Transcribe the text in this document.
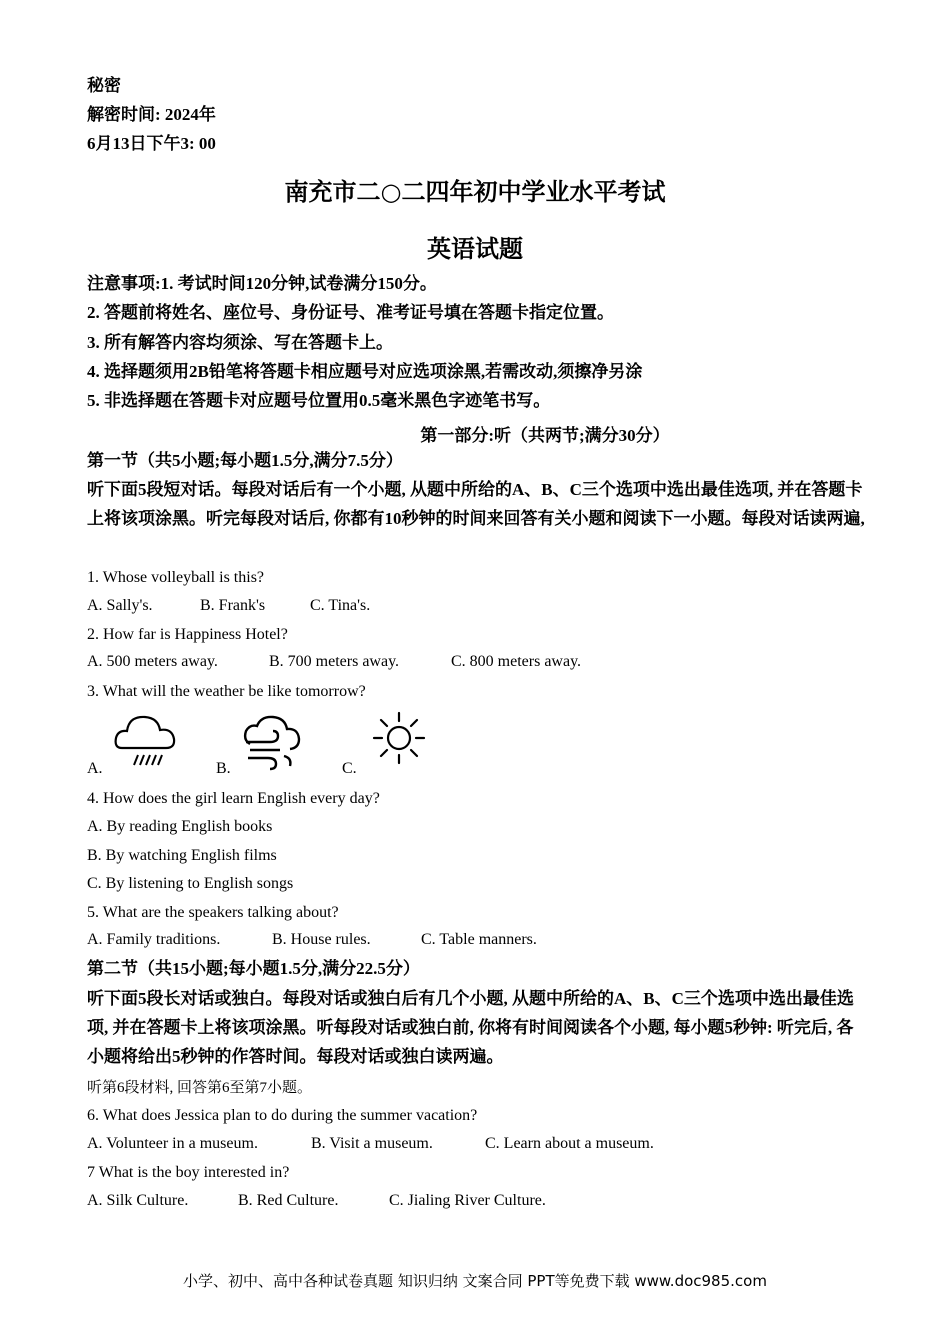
秘密
解密时间: 2024年
6月13日下午3: 00
南充市二○二四年初中学业水平考试
英语试题
注意事项:1. 考试时间120分钟,试卷满分150分。
2. 答题前将姓名、座位号、身份证号、准考证号填在答题卡指定位置。
3. 所有解答内容均须涂、写在答题卡上。
4. 选择题须用2B铅笔将答题卡相应题号对应选项涂黑,若需改动,须擦净另涂
5. 非选择题在答题卡对应题号位置用0.5毫米黑色字迹笔书写。
第一部分:听（共两节;满分30分）
第一节（共5小题;每小题1.5分,满分7.5分）
听下面5段短对话。每段对话后有一个小题, 从题中所给的A、B、C三个选项中选出最佳选项, 并在答题卡上将该项涂黑。听完每段对话后, 你都有10秒钟的时间来回答有关小题和阅读下一小题。每段对话读两遍,
1. Whose volleyball is this?
A. Sally's.	B. Frank's	C. Tina's.
2. How far is Happiness Hotel?
A. 500 meters away.	B. 700 meters away.	C. 800 meters away.
3. What will the weather be like tomorrow?
A.	B.	C.
4. How does the girl learn English every day?
A. By reading English books
B. By watching English films
C. By listening to English songs
5. What are the speakers talking about?
A. Family traditions.	B. House rules.	C. Table manners.
第二节（共15小题;每小题1.5分,满分22.5分）
听下面5段长对话或独白。每段对话或独白后有几个小题, 从题中所给的A、B、C三个选项中选出最佳选项, 并在答题卡上将该项涂黑。听每段对话或独白前, 你将有时间阅读各个小题, 每小题5秒钟: 听完后, 各小题将给出5秒钟的作答时间。每段对话或独白读两遍。
听第6段材料, 回答第6至第7小题。
6. What does Jessica plan to do during the summer vacation?
A. Volunteer in a museum.	B. Visit a museum.	C. Learn about a museum.
7 What is the boy interested in?
A. Silk Culture.	B. Red Culture.	C. Jialing River Culture.
小学、初中、高中各种试卷真题 知识归纳 文案合同 PPT等免费下载 www.doc985.com
